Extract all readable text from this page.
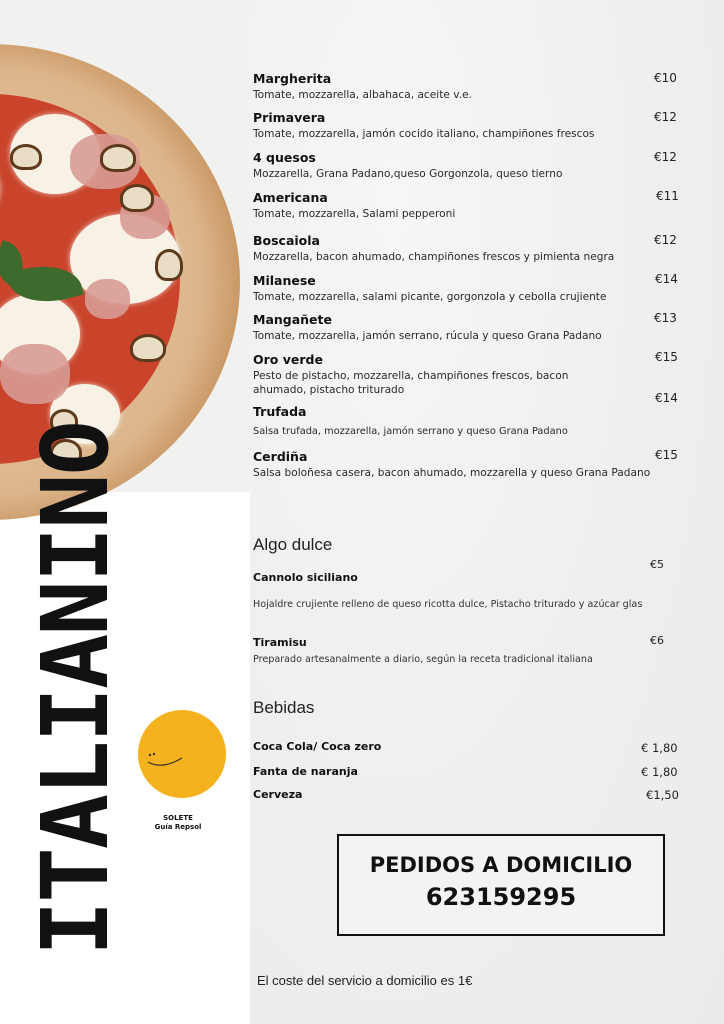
Margherita
Tomate, mozzarella, albahaca, aceite v.e.
€10
Primavera
Tomate, mozzarella, jamón cocido italiano, champiñones frescos
€12
4 quesos
Mozzarella, Grana Padano,queso Gorgonzola, queso tierno
€12
Americana
Tomate, mozzarella, Salami pepperoni
€11
Boscaiola
Mozzarella, bacon ahumado, champiñones frescos y pimienta negra
€12
Milanese
Tomate, mozzarella, salami picante, gorgonzola y cebolla crujiente
€14
Mangañete
Tomate, mozzarella, jamón serrano, rúcula y queso Grana Padano
€13
Oro verde
Pesto de pistacho, mozzarella, champiñones frescos, bacon ahumado, pistacho triturado
€15
Trufada
Salsa trufada, mozzarella, jamón serrano y queso Grana Padano
€14
Cerdiña
Salsa boloñesa casera, bacon ahumado, mozzarella y queso Grana Padano
€15
Algo dulce
Cannolo siciliano
Hojaldre crujiente relleno de queso ricotta dulce, Pistacho triturado y azúcar glas
€5
Tiramisu
Preparado artesanalmente a diario, según la receta tradicional italiana
€6
Bebidas
Coca Cola/ Coca zero	€ 1,80
Fanta de naranja	€ 1,80
Cerveza	€1,50
ITALIANINO	SOLETE
Guía Repsol
PEDIDOS A DOMICILIO
623159295
El coste del servicio a domicilio es 1€
